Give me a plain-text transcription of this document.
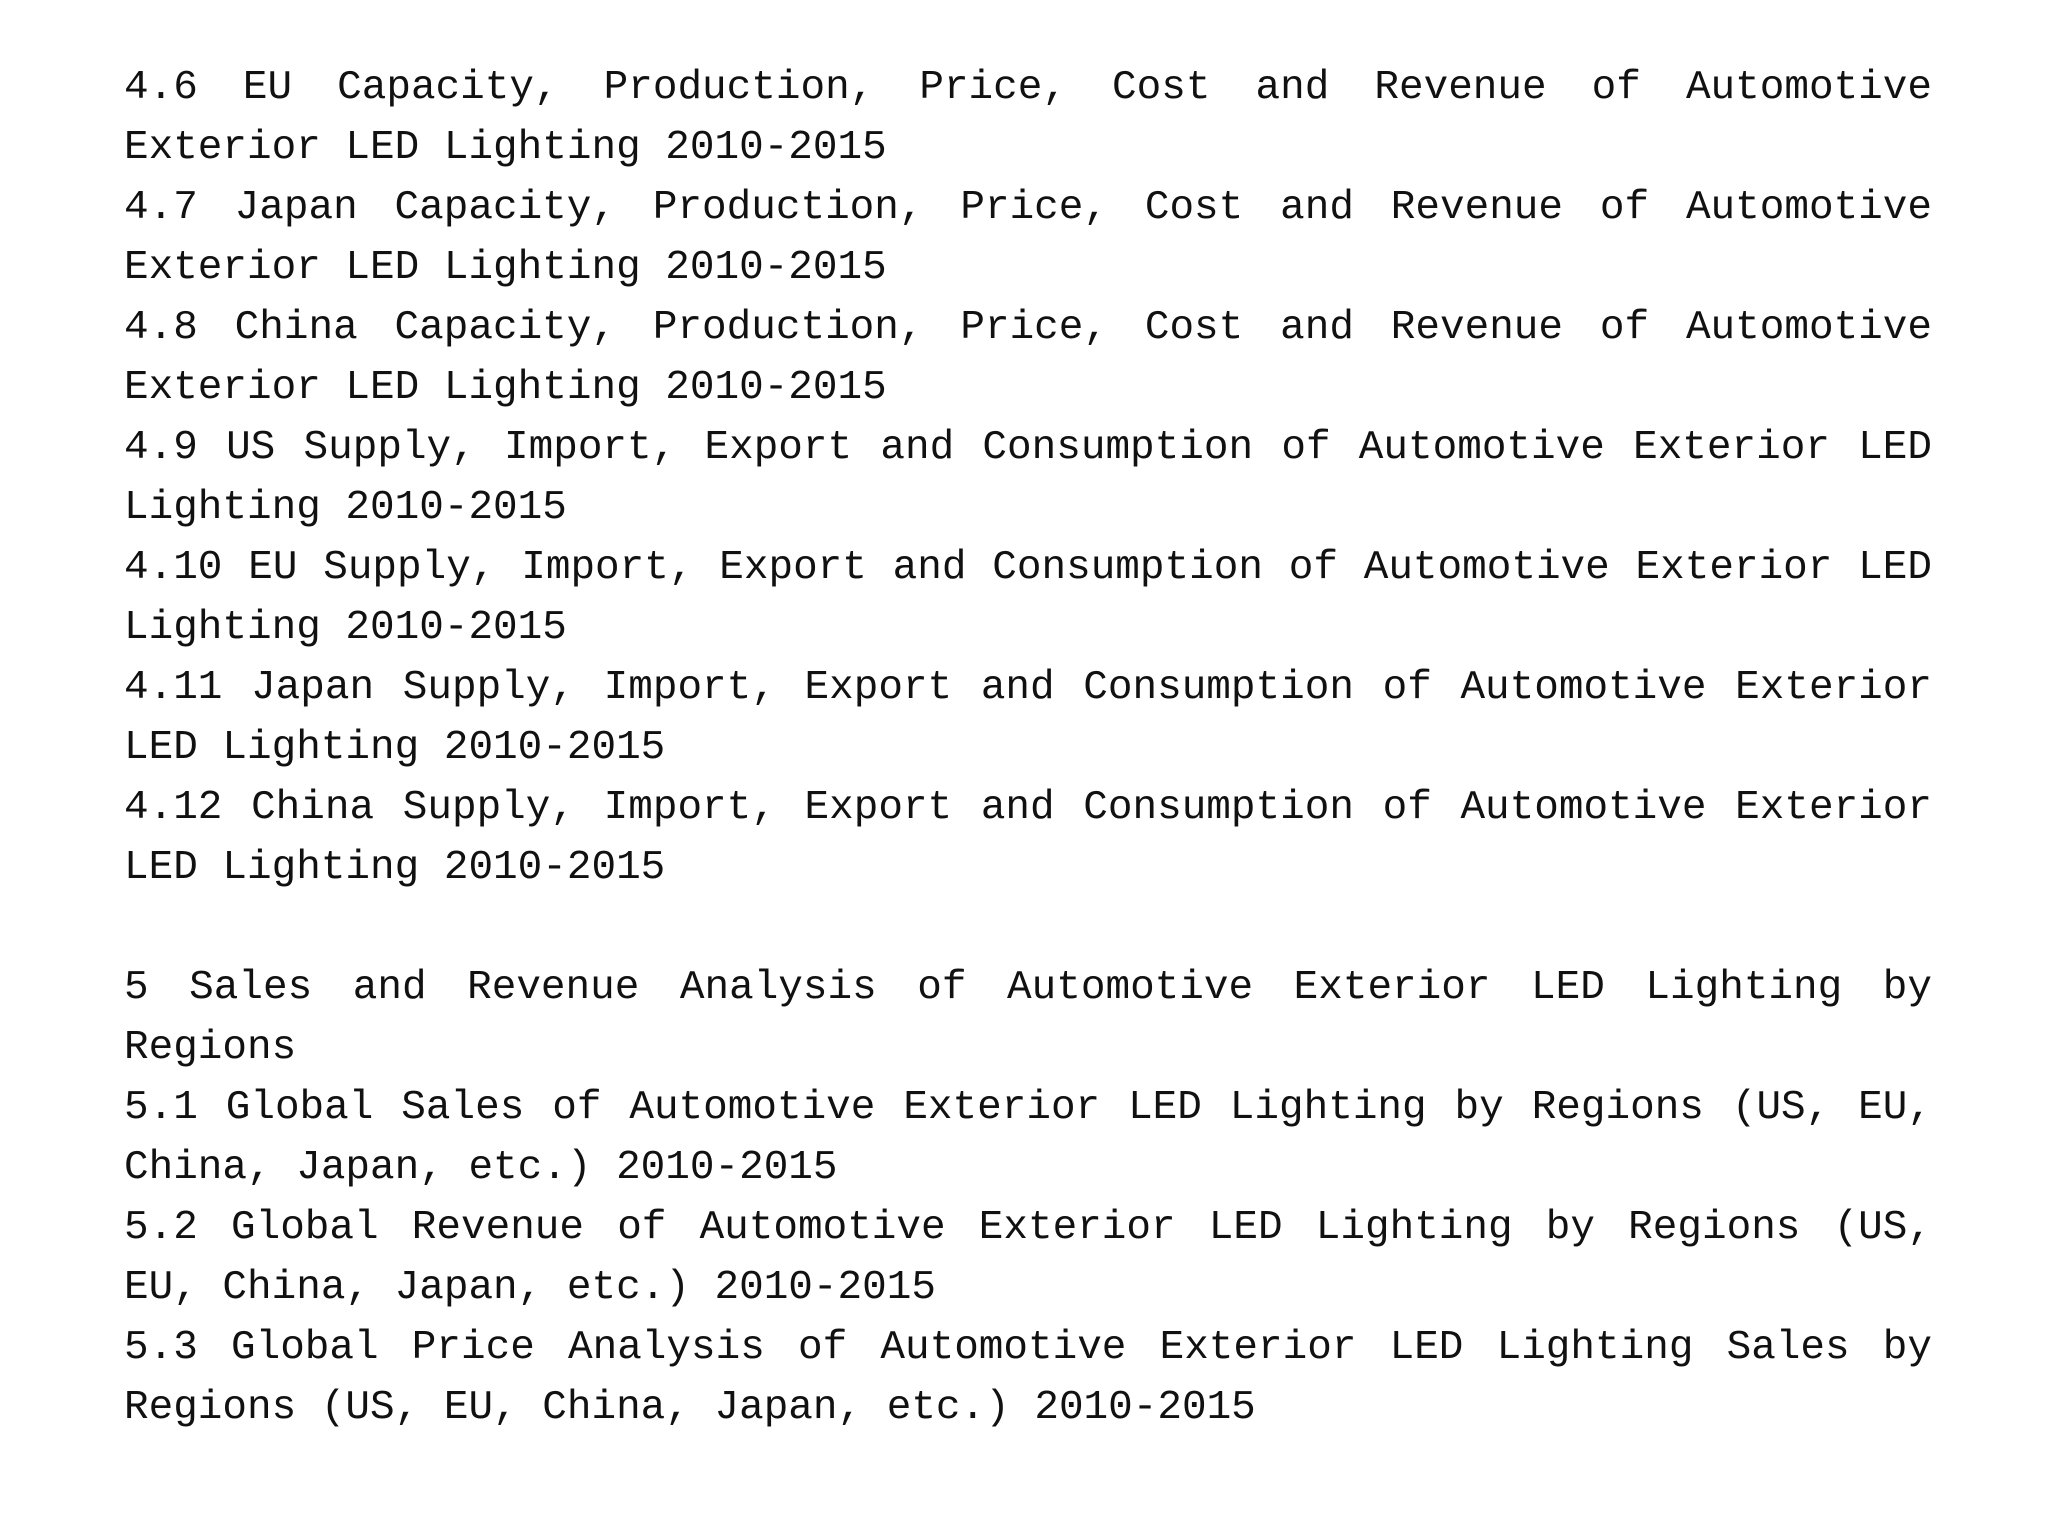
4.6 EU Capacity, Production, Price, Cost and Revenue of Automotive Exterior LED Lighting 2010-2015

4.7 Japan Capacity, Production, Price, Cost and Revenue of Automotive Exterior LED Lighting 2010-2015

4.8 China Capacity, Production, Price, Cost and Revenue of Automotive Exterior LED Lighting 2010-2015

4.9 US Supply, Import, Export and Consumption of Automotive Exterior LED Lighting 2010-2015

4.10 EU Supply, Import, Export and Consumption of Automotive Exterior LED Lighting 2010-2015

4.11 Japan Supply, Import, Export and Consumption of Automotive Exterior LED Lighting 2010-2015

4.12 China Supply, Import, Export and Consumption of Automotive Exterior LED Lighting 2010-2015

5 Sales and Revenue Analysis of Automotive Exterior LED Lighting by Regions

5.1 Global Sales of Automotive Exterior LED Lighting by Regions (US, EU, China, Japan, etc.) 2010-2015

5.2 Global Revenue of Automotive Exterior LED Lighting by Regions (US, EU, China, Japan, etc.) 2010-2015

5.3 Global Price Analysis of Automotive Exterior LED Lighting Sales by Regions (US, EU, China, Japan, etc.) 2010-2015
